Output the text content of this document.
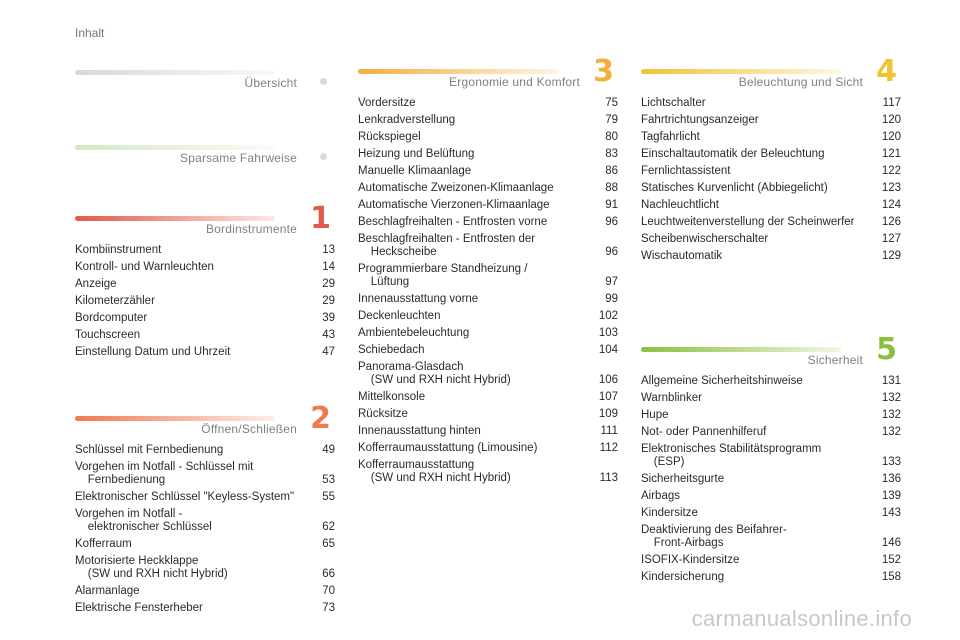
Inhalt
Übersicht
Sparsame Fahrweise
Bordinstrumente 1
Kombiinstrument	13
Kontroll- und Warnleuchten	14
Anzeige	29
Kilometerzähler	29
Bordcomputer	39
Touchscreen	43
Einstellung Datum und Uhrzeit	47
Öffnen/Schließen 2
Schlüssel mit Fernbedienung	49
Vorgehen im Notfall - Schlüssel mit
Fernbedienung	53
Elektronischer Schlüssel "Keyless-System"	55
Vorgehen im Notfall -
elektronischer Schlüssel	62
Kofferraum	65
Motorisierte Heckklappe
(SW und RXH nicht Hybrid)	66
Alarmanlage	70
Elektrische Fensterheber	73
Ergonomie und Komfort 3
Vordersitze	75
Lenkradverstellung	79
Rückspiegel	80
Heizung und Belüftung	83
Manuelle Klimaanlage	86
Automatische Zweizonen-Klimaanlage	88
Automatische Vierzonen-Klimaanlage	91
Beschlagfreihalten - Entfrosten vorne	96
Beschlagfreihalten - Entfrosten der
Heckscheibe	96
Programmierbare Standheizung /
Lüftung	97
Innenausstattung vorne	99
Deckenleuchten	102
Ambientebeleuchtung	103
Schiebedach	104
Panorama-Glasdach
(SW und RXH nicht Hybrid)	106
Mittelkonsole	107
Rücksitze	109
Innenausstattung hinten	111
Kofferraumausstattung (Limousine)	112
Kofferraumausstattung
(SW und RXH nicht Hybrid)	113
Beleuchtung und Sicht 4
Lichtschalter	117
Fahrtrichtungsanzeiger	120
Tagfahrlicht	120
Einschaltautomatik der Beleuchtung	121
Fernlichtassistent	122
Statisches Kurvenlicht (Abbiegelicht)	123
Nachleuchtlicht	124
Leuchtweitenverstellung der Scheinwerfer	126
Scheibenwischerschalter	127
Wischautomatik	129
Sicherheit 5
Allgemeine Sicherheitshinweise	131
Warnblinker	132
Hupe	132
Not- oder Pannenhilferuf	132
Elektronisches Stabilitätsprogramm
(ESP)	133
Sicherheitsgurte	136
Airbags	139
Kindersitze	143
Deaktivierung des Beifahrer-
Front-Airbags	146
ISOFIX-Kindersitze	152
Kindersicherung	158
carmanualsonline.info
